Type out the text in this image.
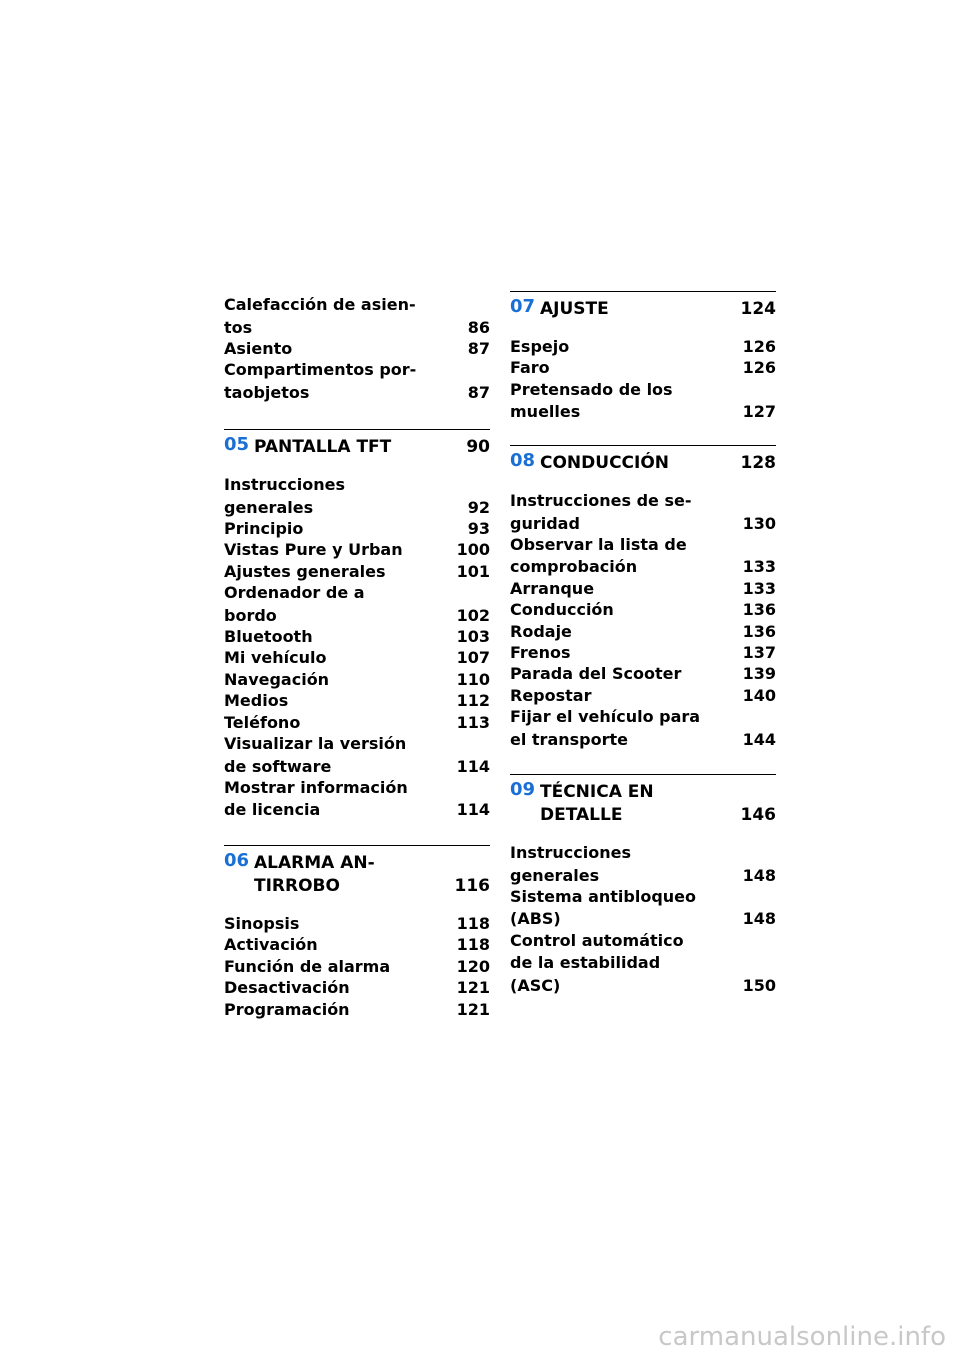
Calefacción de asien-
tos	86
Asiento	87
Compartimentos por-
taobjetos	87
05 PANTALLA TFT	90
Instrucciones
generales	92
Principio	93
Vistas Pure y Urban	100
Ajustes generales	101
Ordenador de a
bordo	102
Bluetooth	103
Mi vehículo	107
Navegación	110
Medios	112
Teléfono	113
Visualizar la versión
de software	114
Mostrar información
de licencia	114
06 ALARMA AN-
TIRROBO	116
Sinopsis	118
Activación	118
Función de alarma	120
Desactivación	121
Programación	121
07 AJUSTE	124
Espejo	126
Faro	126
Pretensado de los
muelles	127
08 CONDUCCIÓN	128
Instrucciones de se-
guridad	130
Observar la lista de
comprobación	133
Arranque	133
Conducción	136
Rodaje	136
Frenos	137
Parada del Scooter	139
Repostar	140
Fijar el vehículo para
el transporte	144
09 TÉCNICA EN
DETALLE	146
Instrucciones
generales	148
Sistema antibloqueo
(ABS)	148
Control automático
de la estabilidad
(ASC)	150
carmanualsonline.info
